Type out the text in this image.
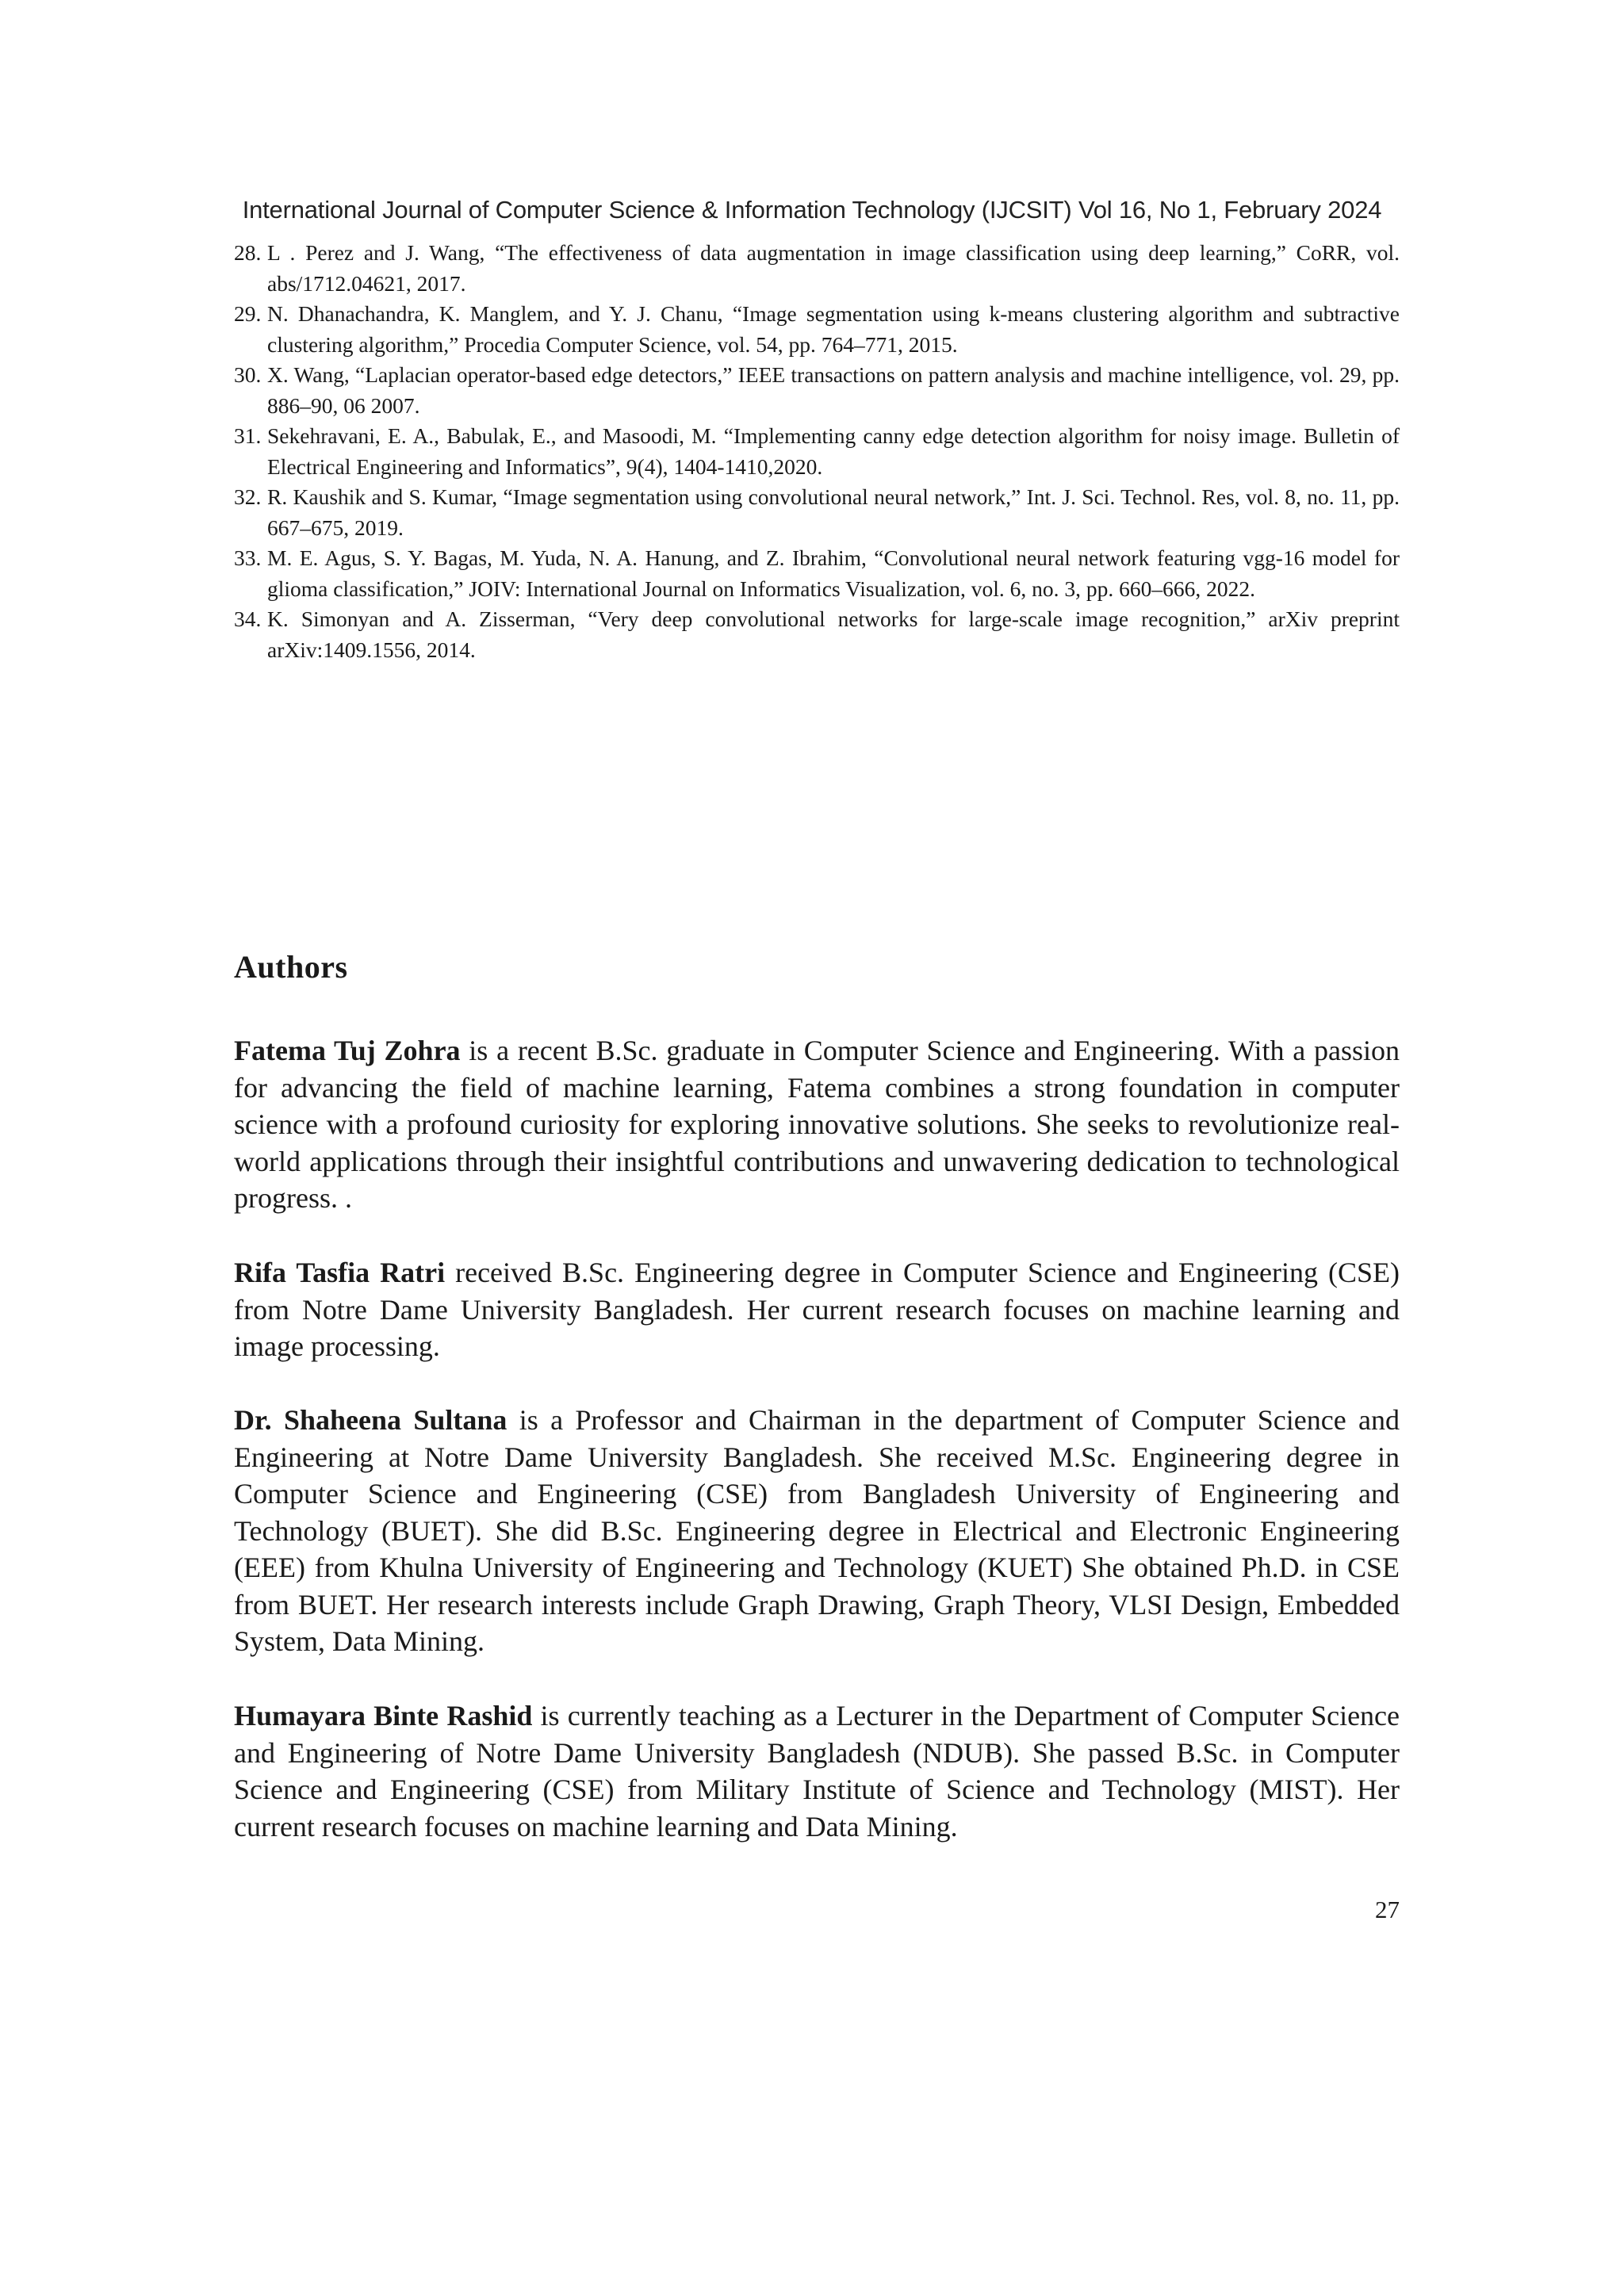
International Journal of Computer Science & Information Technology (IJCSIT) Vol 16, No 1, February 2024
28. L . Perez and J. Wang, “The effectiveness of data augmentation in image classification using deep learning,” CoRR, vol. abs/1712.04621, 2017.
29. N. Dhanachandra, K. Manglem, and Y. J. Chanu, “Image segmentation using k-means clustering algorithm and subtractive clustering algorithm,” Procedia Computer Science, vol. 54, pp. 764–771, 2015.
30. X. Wang, “Laplacian operator-based edge detectors,” IEEE transactions on pattern analysis and machine intelligence, vol. 29, pp. 886–90, 06 2007.
31. Sekehravani, E. A., Babulak, E., and Masoodi, M. “Implementing canny edge detection algorithm for noisy image. Bulletin of Electrical Engineering and Informatics”, 9(4), 1404-1410,2020.
32. R. Kaushik and S. Kumar, “Image segmentation using convolutional neural network,” Int. J. Sci. Technol. Res, vol. 8, no. 11, pp. 667–675, 2019.
33. M. E. Agus, S. Y. Bagas, M. Yuda, N. A. Hanung, and Z. Ibrahim, “Convolutional neural network featuring vgg-16 model for glioma classification,” JOIV: International Journal on Informatics Visualization, vol. 6, no. 3, pp. 660–666, 2022.
34. K. Simonyan and A. Zisserman, “Very deep convolutional networks for large-scale image recognition,” arXiv preprint arXiv:1409.1556, 2014.
Authors

Fatema Tuj Zohra is a recent B.Sc. graduate in Computer Science and Engineering. With a passion for advancing the field of machine learning, Fatema combines a strong foundation in computer science with a profound curiosity for exploring innovative solutions. She seeks to revolutionize real-world applications through their insightful contributions and unwavering dedication to technological progress. .

Rifa Tasfia Ratri received B.Sc. Engineering degree in Computer Science and Engineering (CSE) from Notre Dame University Bangladesh. Her current research focuses on machine learning and image processing.

Dr. Shaheena Sultana is a Professor and Chairman in the department of Computer Science and Engineering at Notre Dame University Bangladesh. She received M.Sc. Engineering degree in Computer Science and Engineering (CSE) from Bangladesh University of Engineering and Technology (BUET). She did B.Sc. Engineering degree in Electrical and Electronic Engineering (EEE) from Khulna University of Engineering and Technology (KUET) She obtained Ph.D. in CSE from BUET. Her research interests include Graph Drawing, Graph Theory, VLSI Design, Embedded System, Data Mining.

Humayara Binte Rashid is currently teaching as a Lecturer in the Department of Computer Science and Engineering of Notre Dame University Bangladesh (NDUB). She passed B.Sc. in Computer Science and Engineering (CSE) from Military Institute of Science and Technology (MIST). Her current research focuses on machine learning and Data Mining.

27
